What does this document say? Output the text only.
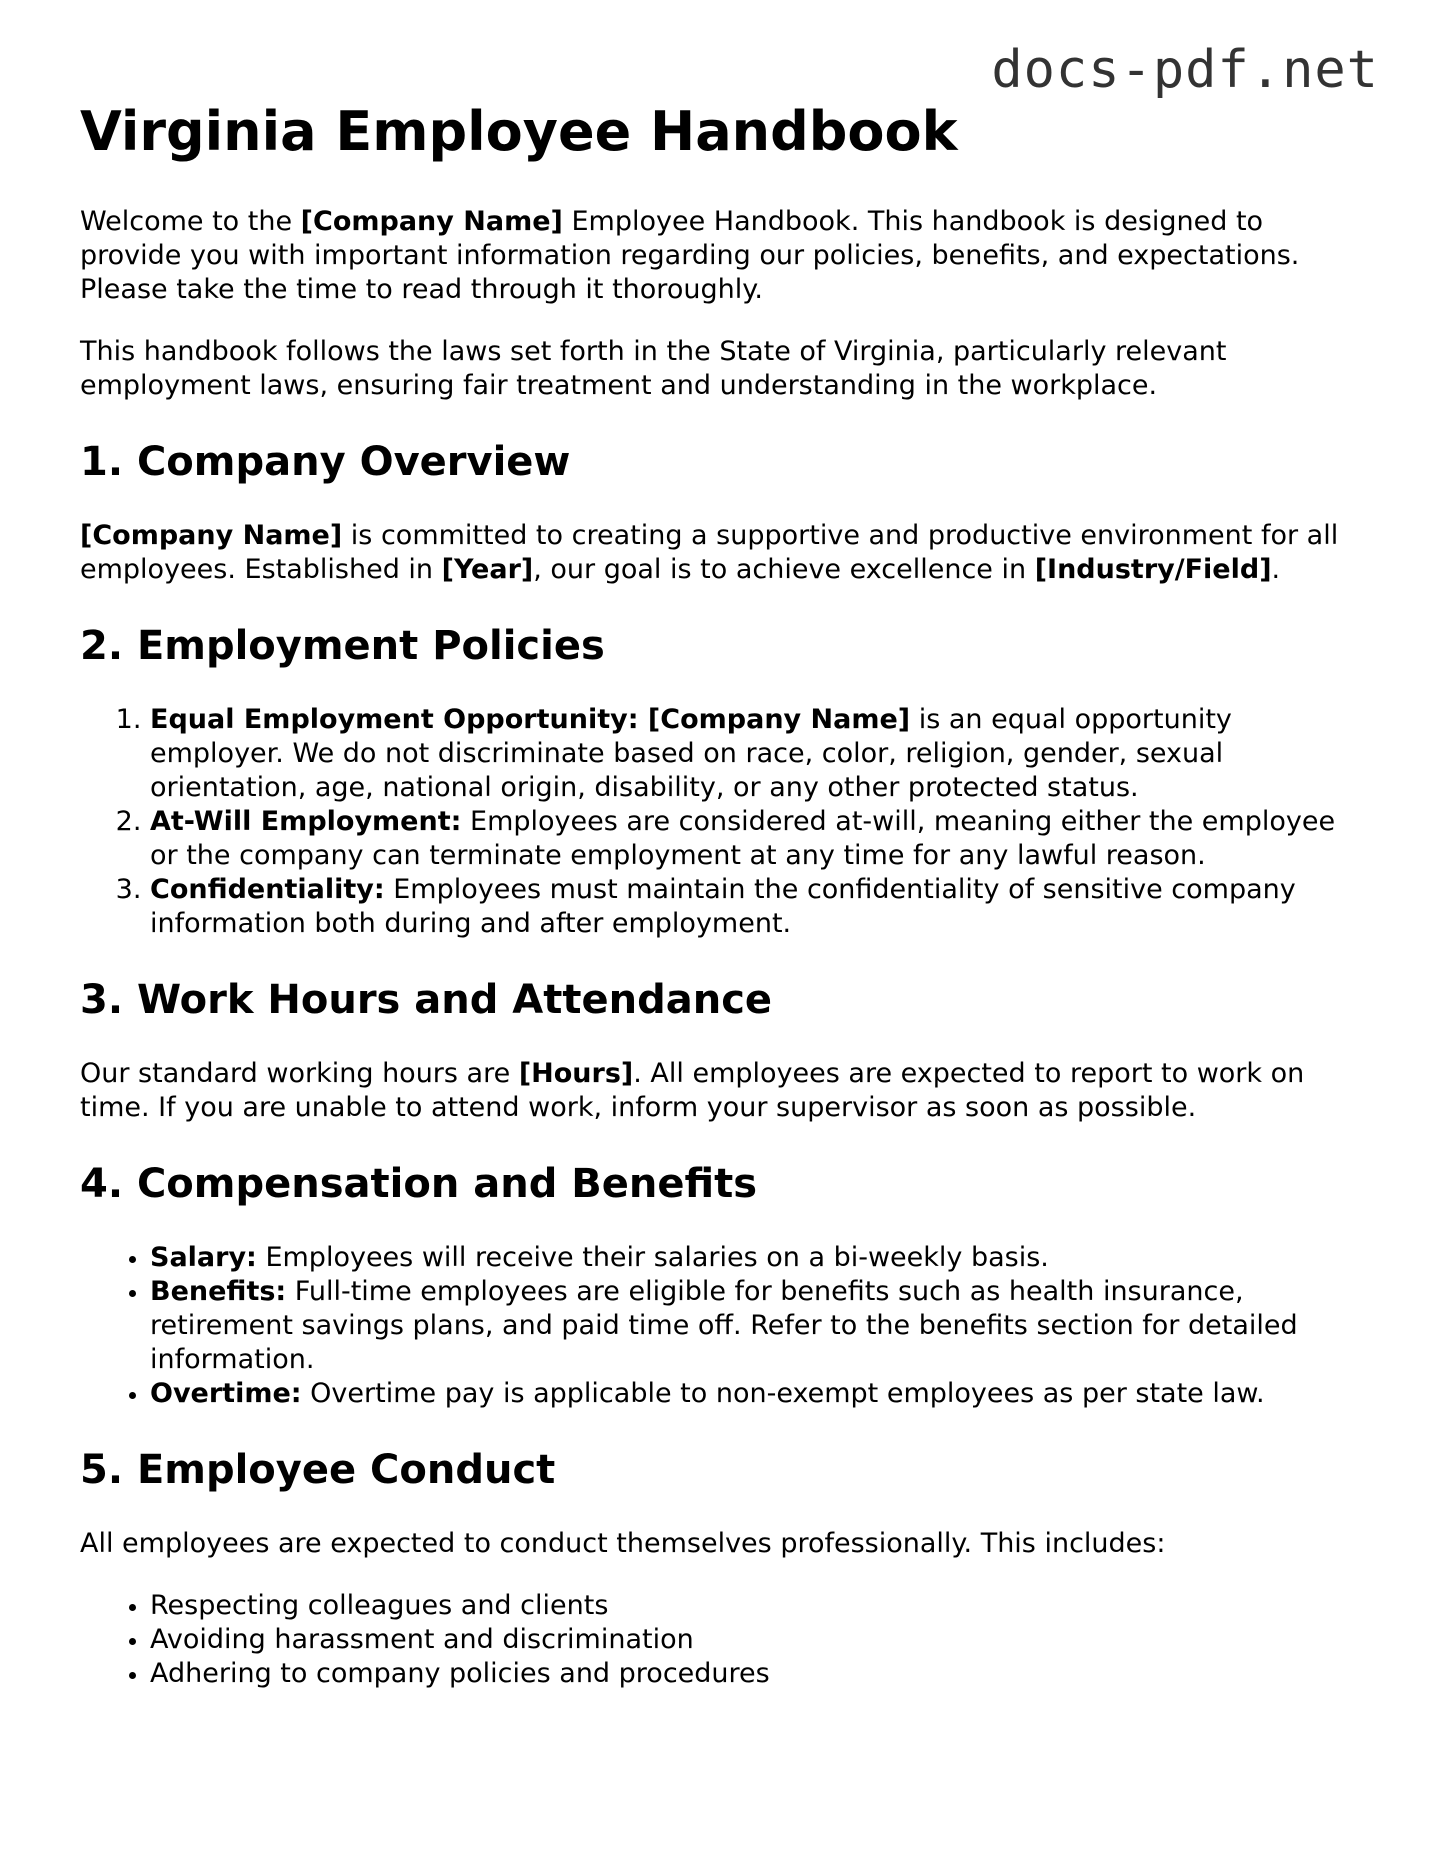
docs-pdf.net
Virginia Employee Handbook

Welcome to the [Company Name] Employee Handbook. This handbook is designed to provide you with important information regarding our policies, benefits, and expectations. Please take the time to read through it thoroughly.

This handbook follows the laws set forth in the State of Virginia, particularly relevant employment laws, ensuring fair treatment and understanding in the workplace.

1. Company Overview

[Company Name] is committed to creating a supportive and productive environment for all employees. Established in [Year], our goal is to achieve excellence in [Industry/Field].

2. Employment Policies
1. Equal Employment Opportunity: [Company Name] is an equal opportunity employer. We do not discriminate based on race, color, religion, gender, sexual orientation, age, national origin, disability, or any other protected status.
2. At-Will Employment: Employees are considered at-will, meaning either the employee or the company can terminate employment at any time for any lawful reason.
3. Confidentiality: Employees must maintain the confidentiality of sensitive company information both during and after employment.
3. Work Hours and Attendance

Our standard working hours are [Hours]. All employees are expected to report to work on time. If you are unable to attend work, inform your supervisor as soon as possible.

4. Compensation and Benefits
• Salary: Employees will receive their salaries on a bi-weekly basis.
• Benefits: Full-time employees are eligible for benefits such as health insurance, retirement savings plans, and paid time off. Refer to the benefits section for detailed information.
• Overtime: Overtime pay is applicable to non-exempt employees as per state law.
5. Employee Conduct

All employees are expected to conduct themselves professionally. This includes:

• Respecting colleagues and clients
• Avoiding harassment and discrimination
• Adhering to company policies and procedures
